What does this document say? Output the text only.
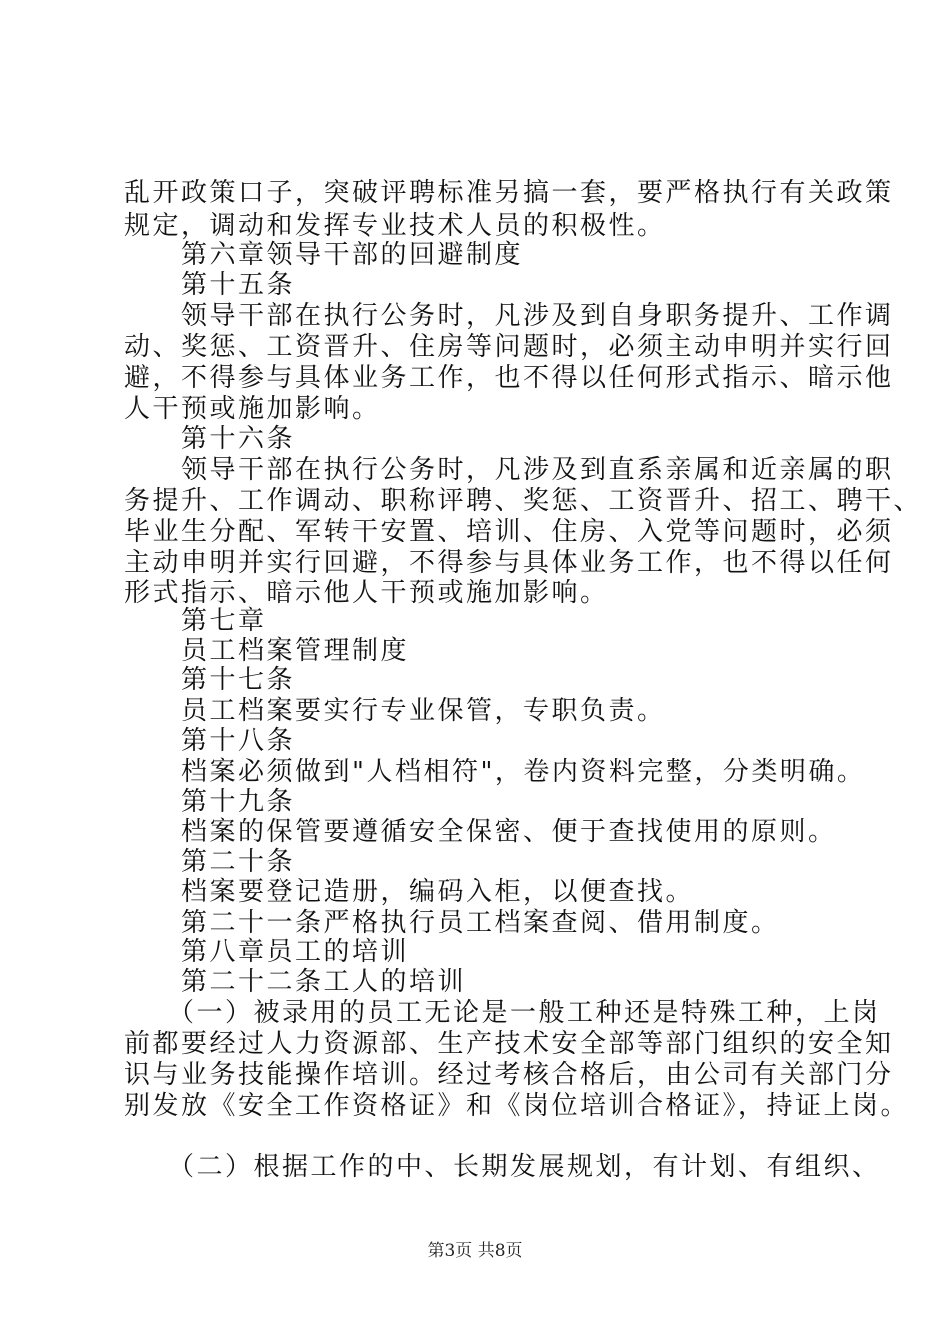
乱开政策口子，突破评聘标准另搞一套，要严格执行有关政策
规定，调动和发挥专业技术人员的积极性。
　　第六章领导干部的回避制度
　　第十五条
　　领导干部在执行公务时，凡涉及到自身职务提升、工作调
动、奖惩、工资晋升、住房等问题时，必须主动申明并实行回
避，不得参与具体业务工作，也不得以任何形式指示、暗示他
人干预或施加影响。
　　第十六条
　　领导干部在执行公务时，凡涉及到直系亲属和近亲属的职
务提升、工作调动、职称评聘、奖惩、工资晋升、招工、聘干、
毕业生分配、军转干安置、培训、住房、入党等问题时，必须
主动申明并实行回避，不得参与具体业务工作，也不得以任何
形式指示、暗示他人干预或施加影响。
　　第七章
　　员工档案管理制度
　　第十七条
　　员工档案要实行专业保管，专职负责。
　　第十八条
　　档案必须做到"人档相符"，卷内资料完整，分类明确。
　　第十九条
　　档案的保管要遵循安全保密、便于查找使用的原则。
　　第二十条
　　档案要登记造册，编码入柜，以便查找。
　　第二十一条严格执行员工档案查阅、借用制度。
　　第八章员工的培训
　　第二十二条工人的培训
　　（一）被录用的员工无论是一般工种还是特殊工种，上岗
前都要经过人力资源部、生产技术安全部等部门组织的安全知
识与业务技能操作培训。经过考核合格后，由公司有关部门分
别发放《安全工作资格证》和《岗位培训合格证》，持证上岗。
　　（二）根据工作的中、长期发展规划，有计划、有组织、
第3页 共8页
